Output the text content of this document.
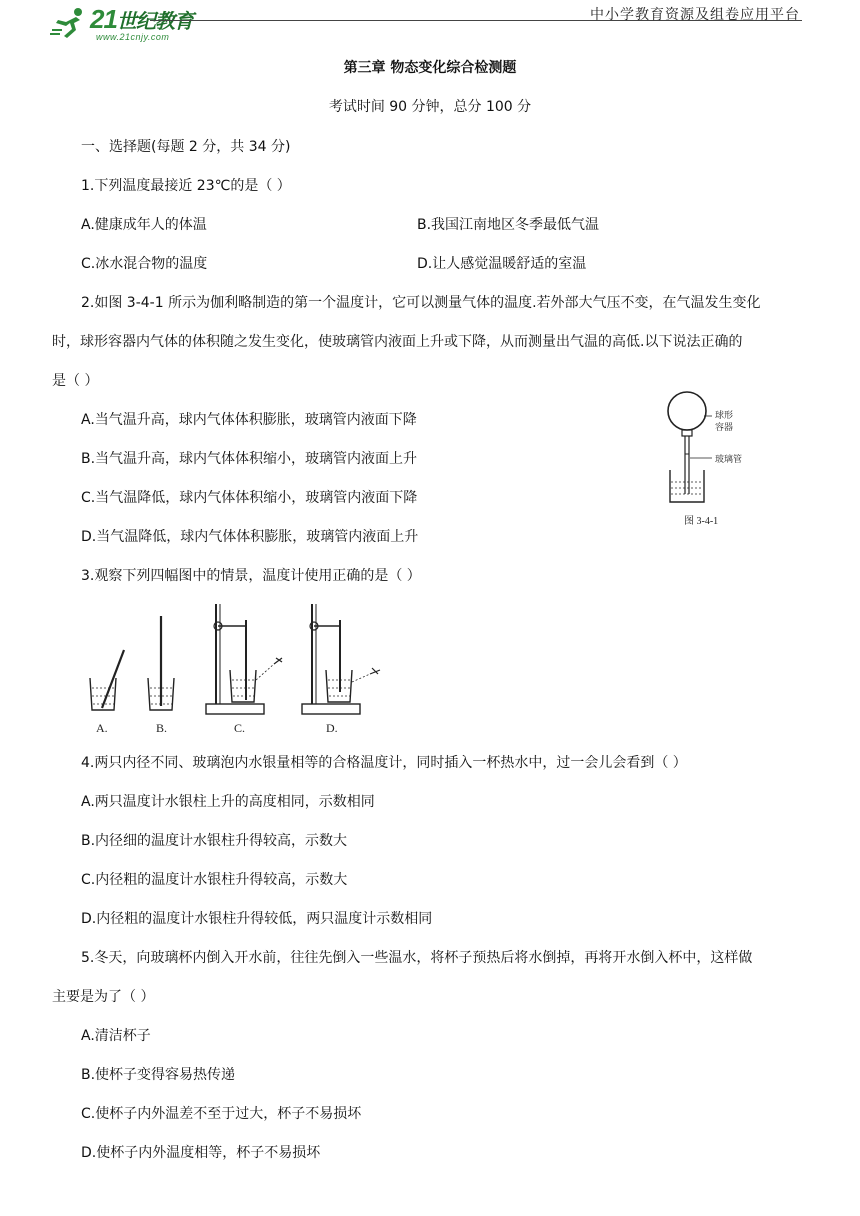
21世纪教育
www.21cnjy.com
中小学教育资源及组卷应用平台
第三章 物态变化综合检测题
考试时间 90 分钟，总分 100 分
一、选择题(每题 2 分，共 34 分)
1.下列温度最接近 23℃的是（ ）
A.健康成年人的体温	B.我国江南地区冬季最低气温
C.冰水混合物的温度	D.让人感觉温暖舒适的室温
2.如图 3-4-1 所示为伽利略制造的第一个温度计，它可以测量气体的温度.若外部大气压不变，在气温发生变化
时，球形容器内气体的体积随之发生变化，使玻璃管内液面上升或下降，从而测量出气温的高低.以下说法正确的
是（ ）
A.当气温升高，球内气体体积膨胀，玻璃管内液面下降
B.当气温升高，球内气体体积缩小，玻璃管内液面上升
C.当气温降低，球内气体体积缩小，玻璃管内液面下降
D.当气温降低，球内气体体积膨胀，玻璃管内液面上升
球形
容器
玻璃管
图 3-4-1
3.观察下列四幅图中的情景，温度计使用正确的是（ ）
A.	B.	C.	D.
4.两只内径不同、玻璃泡内水银量相等的合格温度计，同时插入一杯热水中，过一会儿会看到（ ）
A.两只温度计水银柱上升的高度相同，示数相同
B.内径细的温度计水银柱升得较高，示数大
C.内径粗的温度计水银柱升得较高，示数大
D.内径粗的温度计水银柱升得较低，两只温度计示数相同
5.冬天，向玻璃杯内倒入开水前，往往先倒入一些温水，将杯子预热后将水倒掉，再将开水倒入杯中，这样做
主要是为了（ ）
A.清洁杯子
B.使杯子变得容易热传递
C.使杯子内外温差不至于过大，杯子不易损坏
D.使杯子内外温度相等，杯子不易损坏
